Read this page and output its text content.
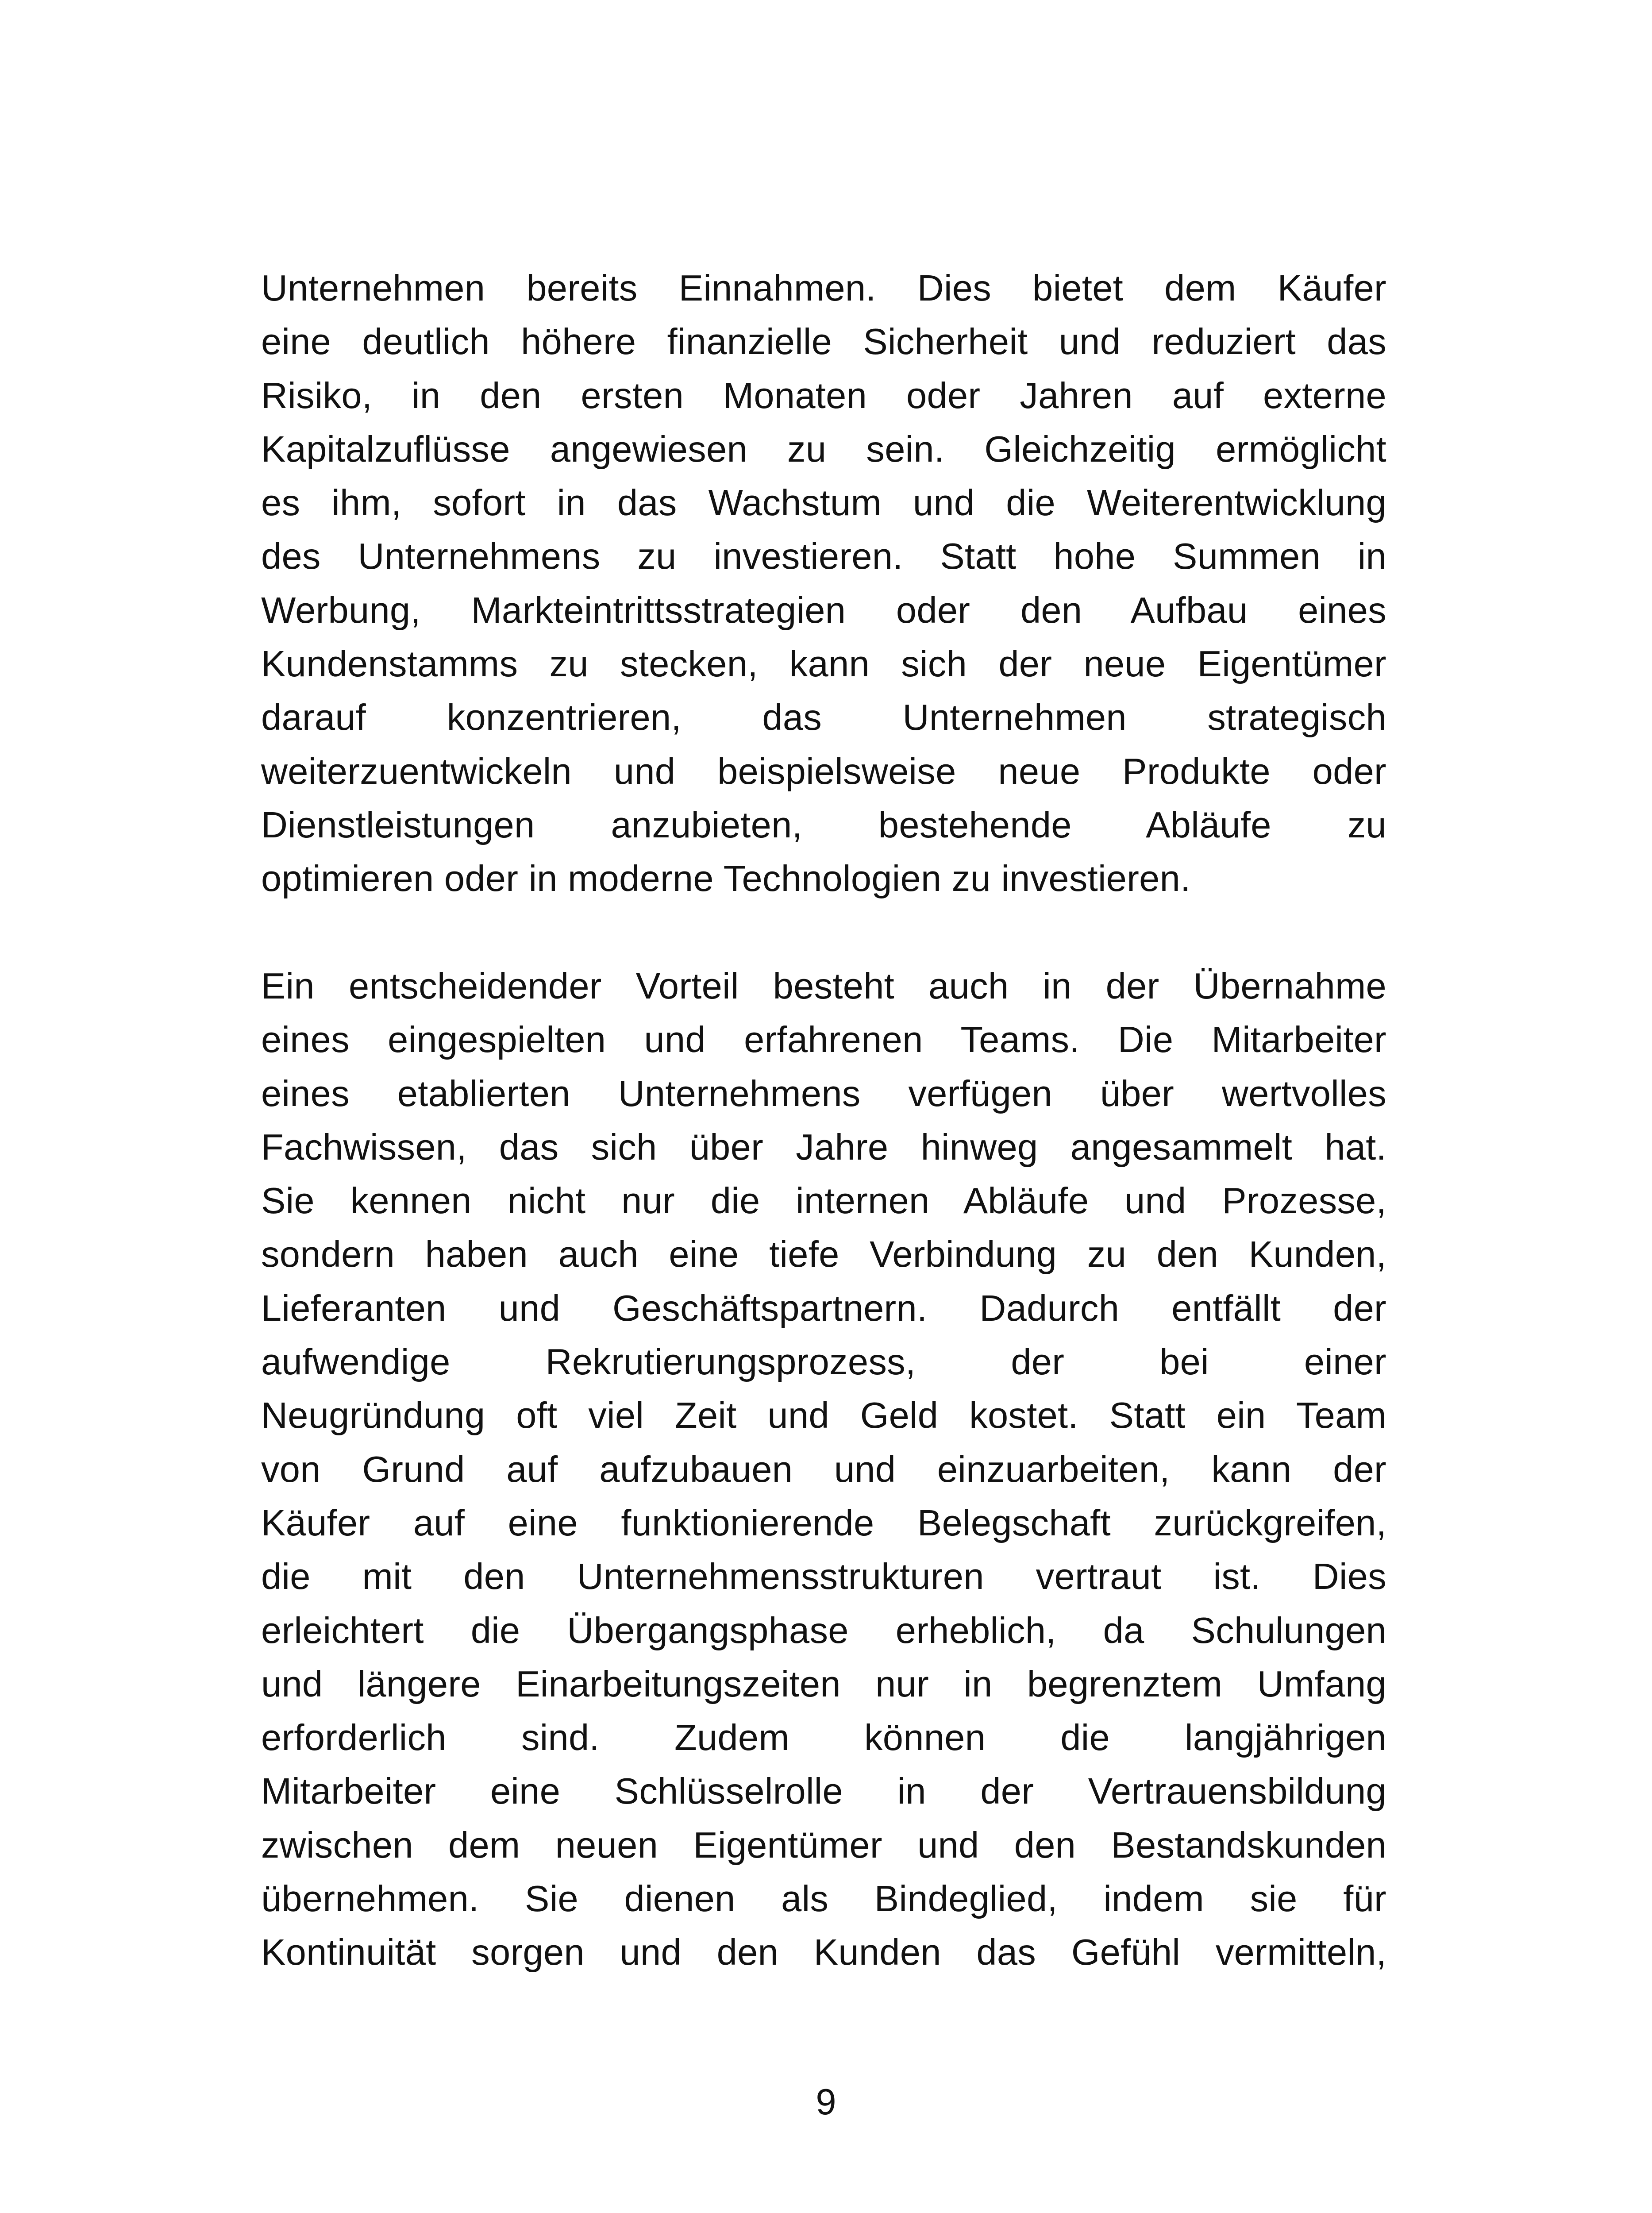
Unternehmen bereits Einnahmen. Dies bietet dem Käufer
eine deutlich höhere finanzielle Sicherheit und reduziert das
Risiko, in den ersten Monaten oder Jahren auf externe
Kapitalzuflüsse angewiesen zu sein. Gleichzeitig ermöglicht
es ihm, sofort in das Wachstum und die Weiterentwicklung
des Unternehmens zu investieren. Statt hohe Summen in
Werbung, Markteintrittsstrategien oder den Aufbau eines
Kundenstamms zu stecken, kann sich der neue Eigentümer
darauf konzentrieren, das Unternehmen strategisch
weiterzuentwickeln und beispielsweise neue Produkte oder
Dienstleistungen anzubieten, bestehende Abläufe zu
optimieren oder in moderne Technologien zu investieren.
Ein entscheidender Vorteil besteht auch in der Übernahme
eines eingespielten und erfahrenen Teams. Die Mitarbeiter
eines etablierten Unternehmens verfügen über wertvolles
Fachwissen, das sich über Jahre hinweg angesammelt hat.
Sie kennen nicht nur die internen Abläufe und Prozesse,
sondern haben auch eine tiefe Verbindung zu den Kunden,
Lieferanten und Geschäftspartnern. Dadurch entfällt der
aufwendige Rekrutierungsprozess, der bei einer
Neugründung oft viel Zeit und Geld kostet. Statt ein Team
von Grund auf aufzubauen und einzuarbeiten, kann der
Käufer auf eine funktionierende Belegschaft zurückgreifen,
die mit den Unternehmensstrukturen vertraut ist. Dies
erleichtert die Übergangsphase erheblich, da Schulungen
und längere Einarbeitungszeiten nur in begrenztem Umfang
erforderlich sind. Zudem können die langjährigen
Mitarbeiter eine Schlüsselrolle in der Vertrauensbildung
zwischen dem neuen Eigentümer und den Bestandskunden
übernehmen. Sie dienen als Bindeglied, indem sie für
Kontinuität sorgen und den Kunden das Gefühl vermitteln,
9
